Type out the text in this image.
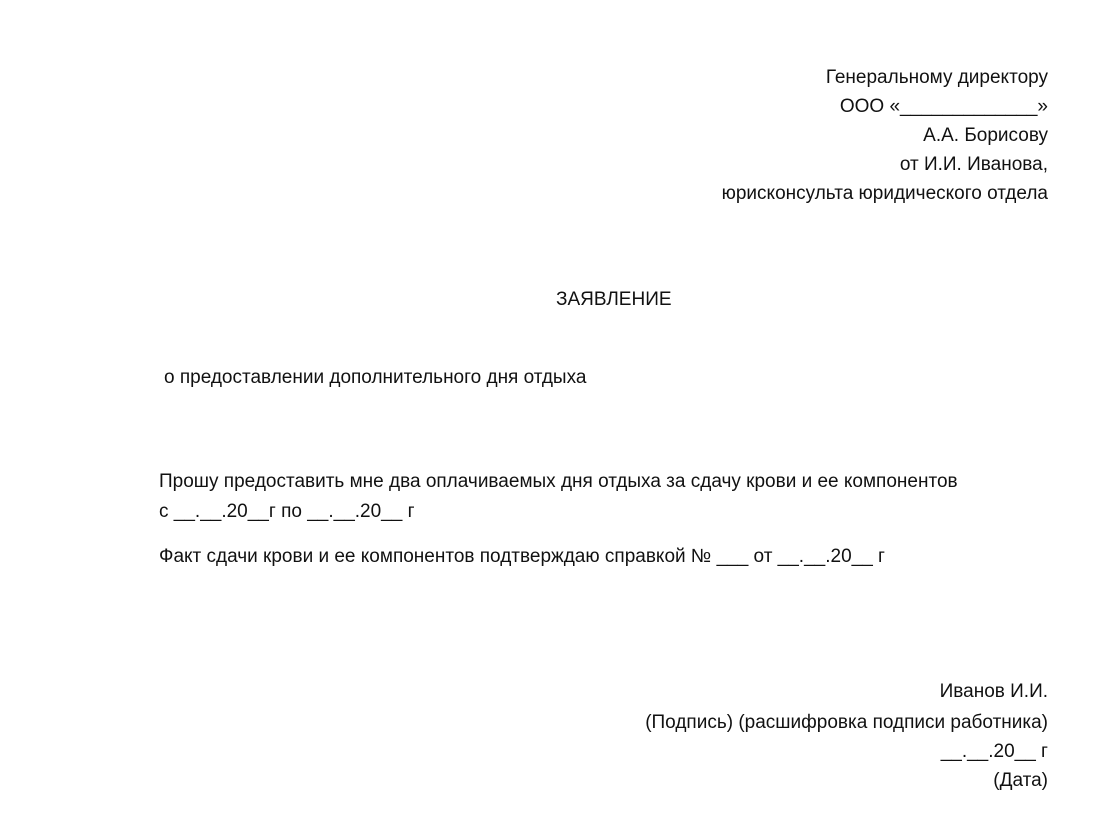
Генеральному директору
ООО «_____________»
А.А. Борисову
от И.И. Иванова,
юрисконсульта юридического отдела
ЗАЯВЛЕНИЕ
о предоставлении дополнительного дня отдыха
Прошу предоставить мне два оплачиваемых дня отдыха за сдачу крови и ее компонентов
с __.__.20__г по __.__.20__ г
Факт сдачи крови и ее компонентов подтверждаю справкой № ___ от __.__.20__ г
Иванов И.И.
(Подпись) (расшифровка подписи работника)
__.__.20__ г
(Дата)
